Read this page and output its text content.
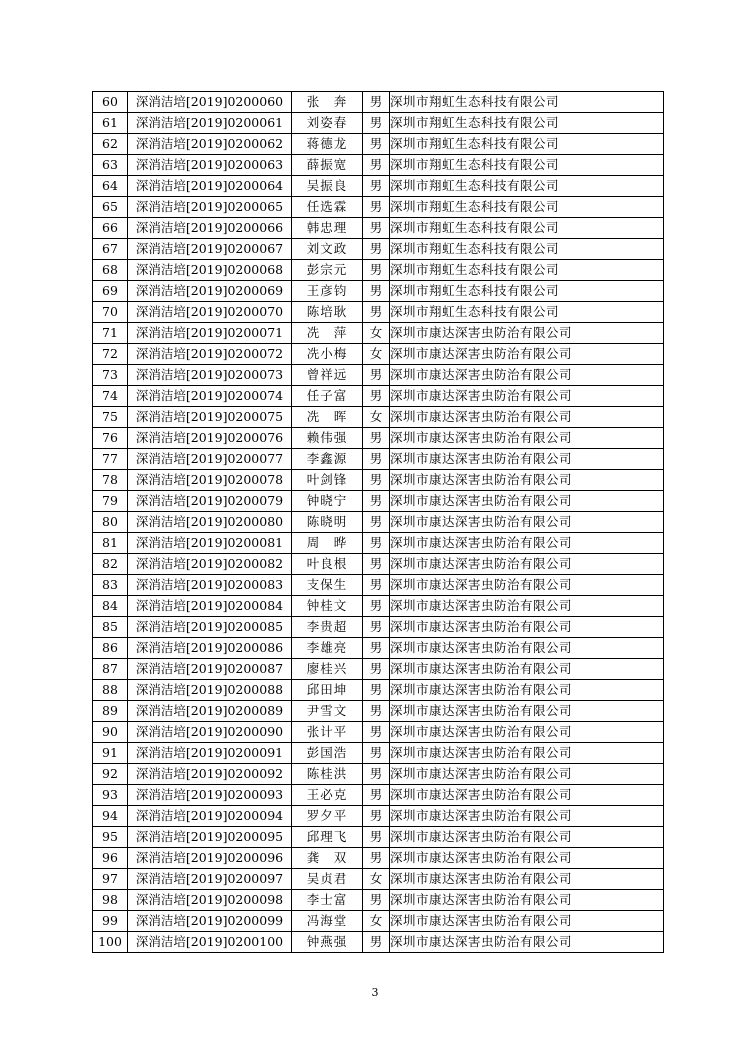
60	深消洁培[2019]0200060	张　奔	男	深圳市翔虹生态科技有限公司
61	深消洁培[2019]0200061	刘姿春	男	深圳市翔虹生态科技有限公司
62	深消洁培[2019]0200062	蒋德龙	男	深圳市翔虹生态科技有限公司
63	深消洁培[2019]0200063	薛振宽	男	深圳市翔虹生态科技有限公司
64	深消洁培[2019]0200064	吴振良	男	深圳市翔虹生态科技有限公司
65	深消洁培[2019]0200065	任选霖	男	深圳市翔虹生态科技有限公司
66	深消洁培[2019]0200066	韩忠理	男	深圳市翔虹生态科技有限公司
67	深消洁培[2019]0200067	刘文政	男	深圳市翔虹生态科技有限公司
68	深消洁培[2019]0200068	彭宗元	男	深圳市翔虹生态科技有限公司
69	深消洁培[2019]0200069	王彦钧	男	深圳市翔虹生态科技有限公司
70	深消洁培[2019]0200070	陈培耿	男	深圳市翔虹生态科技有限公司
71	深消洁培[2019]0200071	冼　萍	女	深圳市康达深害虫防治有限公司
72	深消洁培[2019]0200072	冼小梅	女	深圳市康达深害虫防治有限公司
73	深消洁培[2019]0200073	曾祥远	男	深圳市康达深害虫防治有限公司
74	深消洁培[2019]0200074	任子富	男	深圳市康达深害虫防治有限公司
75	深消洁培[2019]0200075	冼　晖	女	深圳市康达深害虫防治有限公司
76	深消洁培[2019]0200076	赖伟强	男	深圳市康达深害虫防治有限公司
77	深消洁培[2019]0200077	李鑫源	男	深圳市康达深害虫防治有限公司
78	深消洁培[2019]0200078	叶剑锋	男	深圳市康达深害虫防治有限公司
79	深消洁培[2019]0200079	钟晓宁	男	深圳市康达深害虫防治有限公司
80	深消洁培[2019]0200080	陈晓明	男	深圳市康达深害虫防治有限公司
81	深消洁培[2019]0200081	周　晔	男	深圳市康达深害虫防治有限公司
82	深消洁培[2019]0200082	叶良根	男	深圳市康达深害虫防治有限公司
83	深消洁培[2019]0200083	支保生	男	深圳市康达深害虫防治有限公司
84	深消洁培[2019]0200084	钟桂文	男	深圳市康达深害虫防治有限公司
85	深消洁培[2019]0200085	李贵超	男	深圳市康达深害虫防治有限公司
86	深消洁培[2019]0200086	李雄亮	男	深圳市康达深害虫防治有限公司
87	深消洁培[2019]0200087	廖桂兴	男	深圳市康达深害虫防治有限公司
88	深消洁培[2019]0200088	邱田坤	男	深圳市康达深害虫防治有限公司
89	深消洁培[2019]0200089	尹雪文	男	深圳市康达深害虫防治有限公司
90	深消洁培[2019]0200090	张计平	男	深圳市康达深害虫防治有限公司
91	深消洁培[2019]0200091	彭国浩	男	深圳市康达深害虫防治有限公司
92	深消洁培[2019]0200092	陈桂洪	男	深圳市康达深害虫防治有限公司
93	深消洁培[2019]0200093	王必克	男	深圳市康达深害虫防治有限公司
94	深消洁培[2019]0200094	罗夕平	男	深圳市康达深害虫防治有限公司
95	深消洁培[2019]0200095	邱理飞	男	深圳市康达深害虫防治有限公司
96	深消洁培[2019]0200096	龚　双	男	深圳市康达深害虫防治有限公司
97	深消洁培[2019]0200097	吴贞君	女	深圳市康达深害虫防治有限公司
98	深消洁培[2019]0200098	李士富	男	深圳市康达深害虫防治有限公司
99	深消洁培[2019]0200099	冯海堂	女	深圳市康达深害虫防治有限公司
100	深消洁培[2019]0200100	钟燕强	男	深圳市康达深害虫防治有限公司
3
